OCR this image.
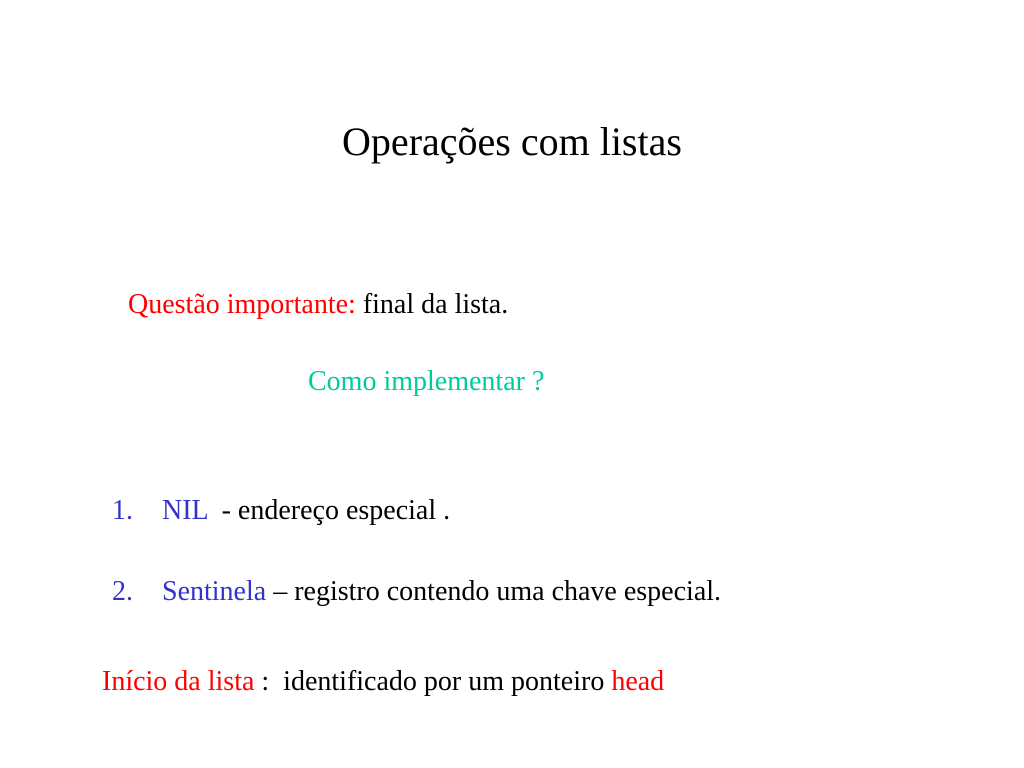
Operações com listas
Questão importante: final da lista.
Como implementar ?
1. NIL - endereço especial .
2. Sentinela – registro contendo uma chave especial.
Início da lista :  identificado por um ponteiro head
